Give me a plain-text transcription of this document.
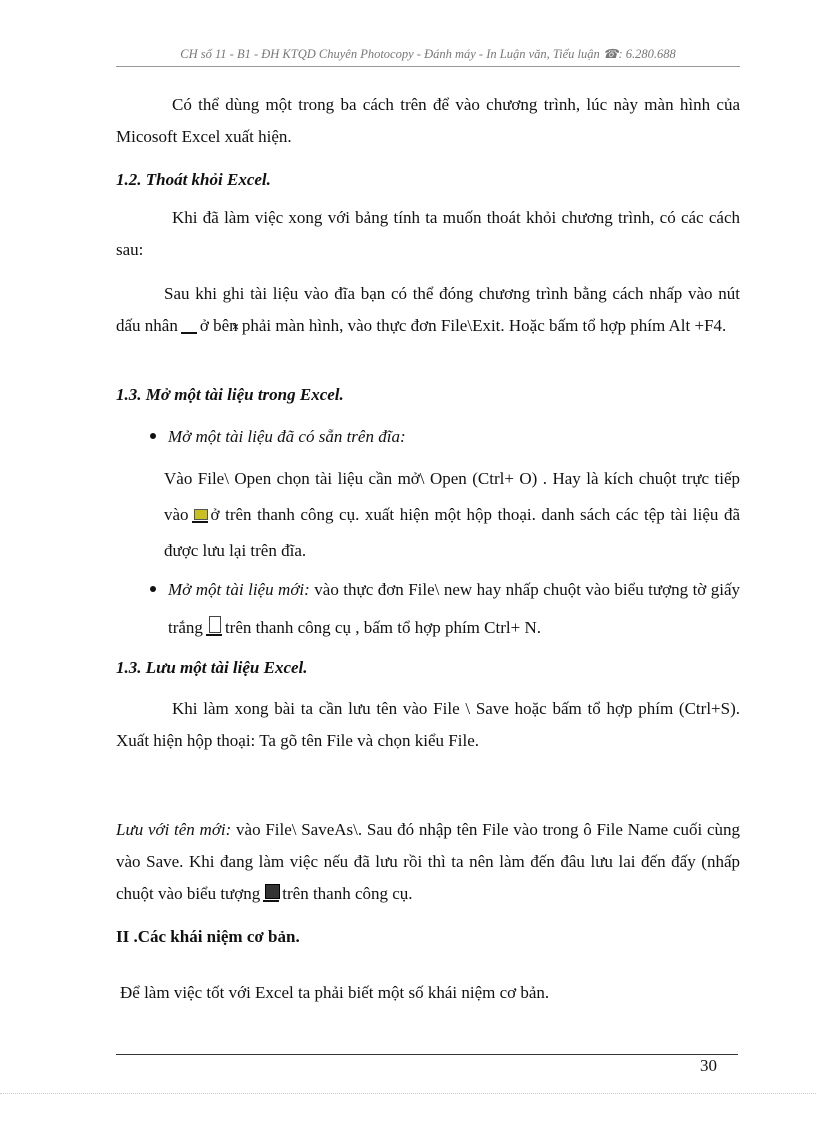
CH số 11 - B1 - ĐH KTQD Chuyên Photocopy - Đánh máy - In Luận văn, Tiểu luận ☎: 6.280.688
Có thể dùng một trong ba cách trên để vào chương trình, lúc này màn hình của Micosoft Excel xuất hiện.
1.2. Thoát khỏi Excel.
Khi đã làm việc xong với bảng tính ta muốn thoát khỏi chương trình, có các cách sau:
Sau khi ghi tài liệu vào đĩa bạn có thể đóng chương trình bằng cách nhấp vào nút dấu nhân × ở bên phải màn hình, vào thực đơn File\Exit. Hoặc bấm tổ hợp phím Alt +F4.
1.3. Mở một tài liệu trong Excel.
Mở một tài liệu đã có sẵn trên đĩa:
Vào File\ Open chọn tài liệu cần mở\ Open (Ctrl+ O) . Hay là kích chuột trực tiếp vào ở trên thanh công cụ. xuất hiện một hộp thoại. danh sách các tệp tài liệu đã được lưu lại trên đĩa.
Mở một tài liệu mới: vào thực đơn File\ new hay nhấp chuột vào biểu tượng tờ giấy trắng trên thanh công cụ , bấm tổ hợp phím Ctrl+ N.
1.3. Lưu một tài liệu Excel.
Khi làm xong bài ta cần lưu tên vào File \ Save hoặc bấm tổ hợp phím (Ctrl+S). Xuất hiện hộp thoại: Ta gõ tên File và chọn kiểu File.
Lưu với tên mới: vào File\ SaveAs\. Sau đó nhập tên File vào trong ô File Name cuối cùng vào Save. Khi đang làm việc nếu đã lưu rồi thì ta nên làm đến đâu lưu lai đến đấy (nhấp chuột vào biểu tượng trên thanh công cụ.
II .Các khái niệm cơ bản.
Để làm việc tốt với Excel ta phải biết một số khái niệm cơ bản.
30
